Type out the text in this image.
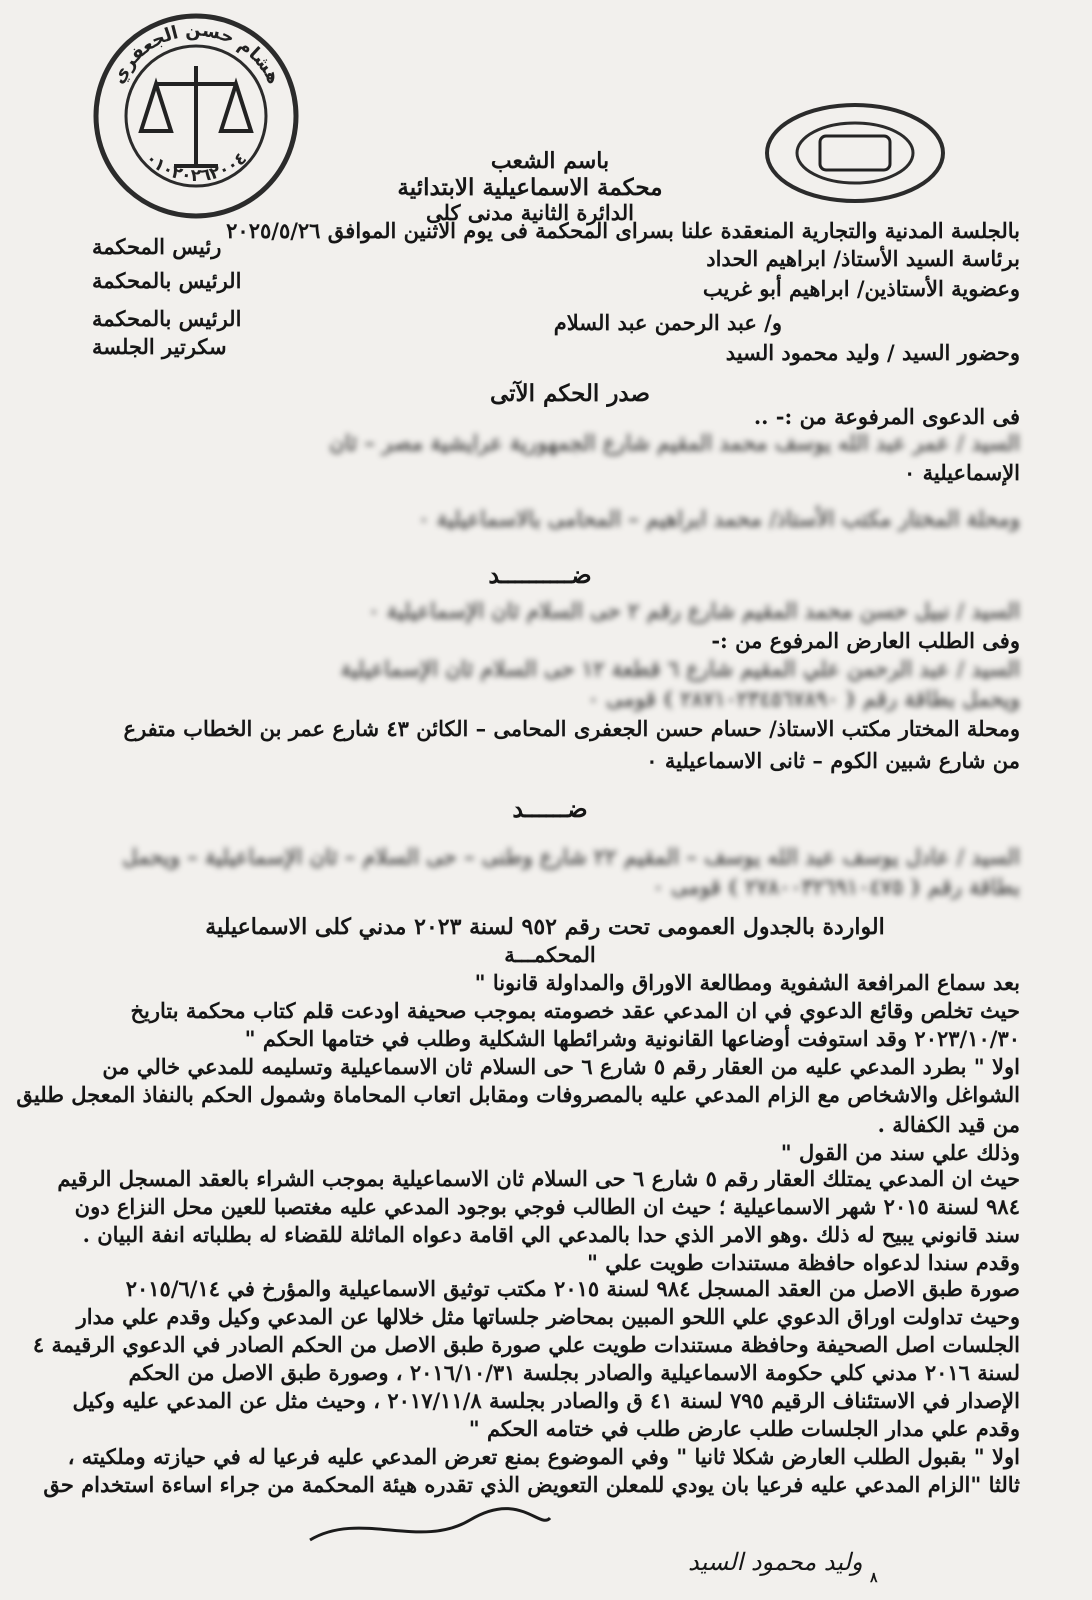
هشام حسن الجعفري
٠١٠٢٠٢٦٢٠٠٤	باسم الشعب
محكمة الاسماعيلية الابتدائية
الدائرة الثانية مدنى كلى
بالجلسة المدنية والتجارية المنعقدة علنا بسراى المحكمة فى يوم الاثنين الموافق ٢٠٢٥/٥/٢٦
برئاسة السيد الأستاذ/ ابراهيم الحداد
وعضوية الأستاذين/ ابراهيم أبو غريب
و/ عبد الرحمن عبد السلام
وحضور السيد / وليد محمود السيد
رئيس المحكمة
الرئيس بالمحكمة
الرئيس بالمحكمة
سكرتير الجلسة
صدر الحكم الآتى
فى الدعوى المرفوعة من :- ..
السيد / عمر عبد الله يوسف محمد المقيم شارع الجمهورية عرايشية مصر – ثان
الإسماعيلية ٠
ومحلة المختار مكتب الأستاذ/ محمد ابراهيم – المحامى بالاسماعيلية ٠
ضــــــــــد
السيد / نبيل حسن محمد المقيم شارع رقم ٢ حى السلام ثان الإسماعيلية ٠
وفى الطلب العارض المرفوع من :-
السيد / عبد الرحمن علي المقيم شارع ٦ قطعة ١٢ حى السلام ثان الإسماعيلية
ويحمل بطاقة رقم ( ٢٨٧١٠٢٣٤٥٦٧٨٩٠ ) قومى ٠
ومحلة المختار مكتب الاستاذ/ حسام حسن الجعفرى المحامى – الكائن ٤٣ شارع عمر بن الخطاب متفرع
من شارع شبين الكوم – ثانى الاسماعيلية ٠
ضــــــد
السيد / عادل يوسف عبد الله يوسف – المقيم ٢٢ شارع وطنى – حى السلام – ثان الإسماعيلية – ويحمل
بطاقة رقم ( ٢٧٨٠٠٣٢٦٩١٠٤٧٥ ) قومى ٠
الواردة بالجدول العمومى تحت رقم ٩٥٢ لسنة ٢٠٢٣ مدني كلى الاسماعيلية
المحكمـــة
بعد سماع المرافعة الشفوية ومطالعة الاوراق والمداولة قانونا "
حيث تخلص وقائع الدعوي في ان المدعي عقد خصومته بموجب صحيفة اودعت قلم كتاب محكمة بتاريخ
٢٠٢٣/١٠/٣٠ وقد استوفت أوضاعها القانونية وشرائطها الشكلية وطلب في ختامها الحكم "
اولا " بطرد المدعي عليه من العقار رقم ٥ شارع ٦ حى السلام ثان الاسماعيلية وتسليمه للمدعي خالي من
الشواغل والاشخاص مع الزام المدعي عليه بالمصروفات ومقابل اتعاب المحاماة وشمول الحكم بالنفاذ المعجل طليق
من قيد الكفالة .
وذلك علي سند من القول "
حيث ان المدعي يمتلك العقار رقم ٥ شارع ٦ حى السلام ثان الاسماعيلية بموجب الشراء بالعقد المسجل الرقيم
٩٨٤ لسنة ٢٠١٥ شهر الاسماعيلية ؛ حيث ان الطالب فوجي بوجود المدعي عليه مغتصبا للعين محل النزاع دون
سند قانوني يبيح له ذلك .وهو الامر الذي حدا بالمدعي الي اقامة دعواه الماثلة للقضاء له بطلباته انفة البيان .
وقدم سندا لدعواه حافظة مستندات طويت علي "
صورة طبق الاصل من العقد المسجل ٩٨٤ لسنة ٢٠١٥ مكتب توثيق الاسماعيلية والمؤرخ في ٢٠١٥/٦/١٤
وحيث تداولت اوراق الدعوي علي اللحو المبين بمحاضر جلساتها مثل خلالها عن المدعي وكيل وقدم علي مدار
الجلسات اصل الصحيفة وحافظة مستندات طويت علي صورة طبق الاصل من الحكم الصادر في الدعوي الرقيمة ٤
لسنة ٢٠١٦ مدني كلي حكومة الاسماعيلية والصادر بجلسة ٢٠١٦/١٠/٣١ ، وصورة طبق الاصل من الحكم
الإصدار في الاستئناف الرقيم ٧٩٥ لسنة ٤١ ق والصادر بجلسة ٢٠١٧/١١/٨ ، وحيث مثل عن المدعي عليه وكيل
وقدم علي مدار الجلسات طلب عارض طلب في ختامه الحكم "
اولا " بقبول الطلب العارض شكلا ثانيا " وفي الموضوع بمنع تعرض المدعي عليه فرعيا له في حيازته وملكيته ،
ثالثا "الزام المدعي عليه فرعيا بان يودي للمعلن التعويض الذي تقدره هيئة المحكمة من جراء اساءة استخدام حق
وليد محمود السيد
٨
